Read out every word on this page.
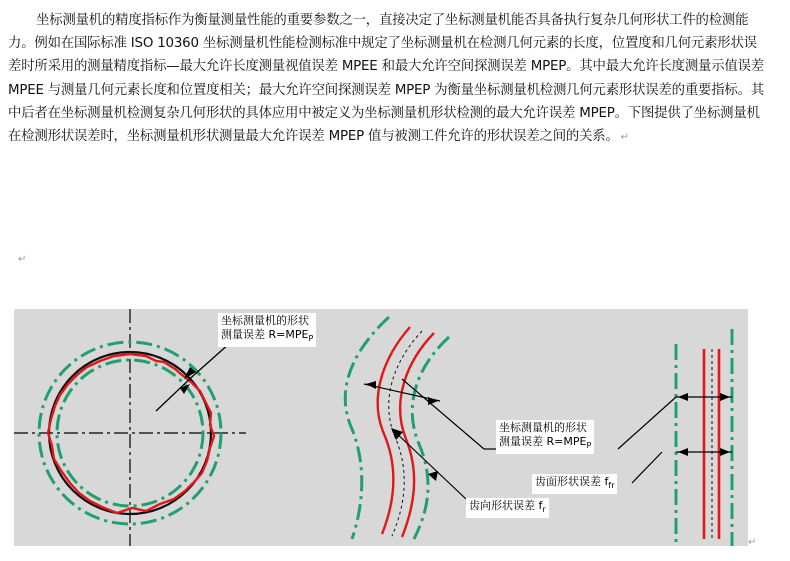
坐标测量机的精度指标作为衡量测量性能的重要参数之一，直接决定了坐标测量机能否具备执行复杂几何形状工件的检测能力。例如在国际标准 ISO 10360 坐标测量机性能检测标准中规定了坐标测量机在检测几何元素的长度，位置度和几何元素形状误差时所采用的测量精度指标—最大允许长度测量视值误差 MPEE 和最大允许空间探测误差 MPEP。其中最大允许长度测量示值误差 MPEE 与测量几何元素长度和位置度相关；最大允许空间探测误差 MPEP 为衡量坐标测量机检测几何元素形状误差的重要指标。其中后者在坐标测量机检测复杂几何形状的具体应用中被定义为坐标测量机形状检测的最大允许误差 MPEP。下图提供了坐标测量机在检测形状误差时，坐标测量机形状测量最大允许误差 MPEP 值与被测工件允许的形状误差之间的关系。 ↵
↵
坐标测量机的形状
测量误差 $R=MPE_P$
坐标测量机的形状
测量误差 $R=MPE_P$
齿面形状误差 $f_{fr}$
齿向形状误差 $f_r$
↵
